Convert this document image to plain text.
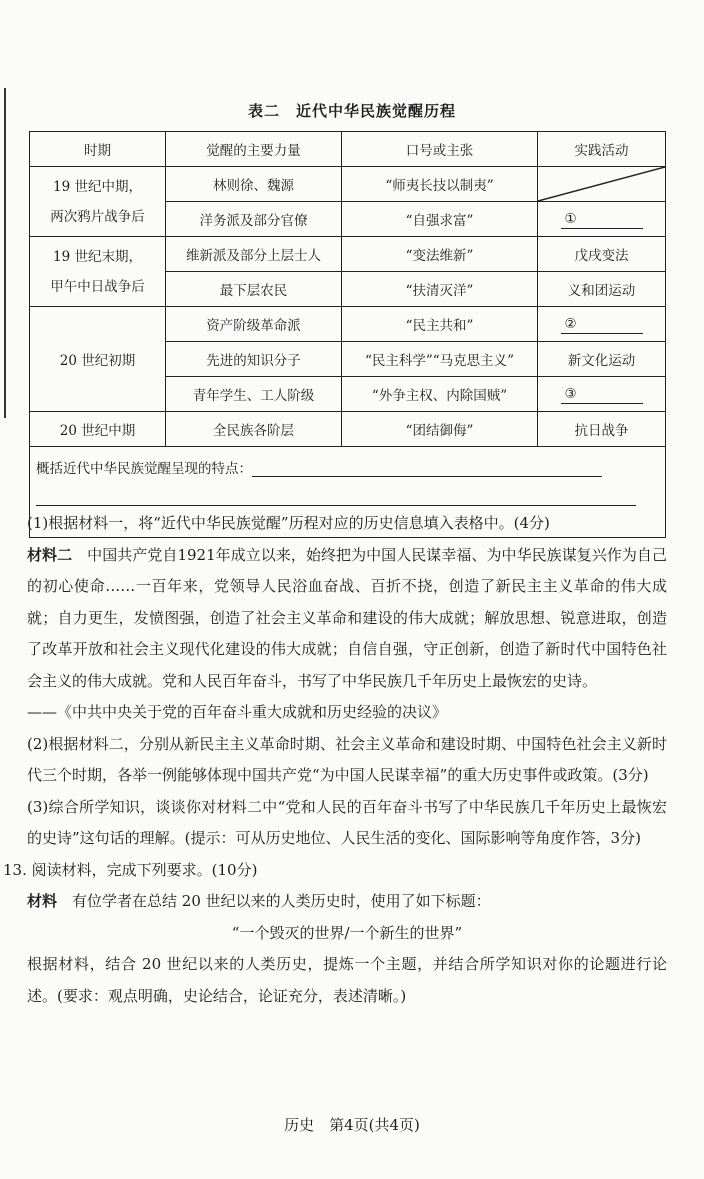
表二　近代中华民族觉醒历程
时期	觉醒的主要力量	口号或主张	实践活动
19 世纪中期，
两次鸦片战争后	林则徐、魏源	“师夷长技以制夷”	

	洋务派及部分官僚	“自强求富”	①
19 世纪末期，
甲午中日战争后	维新派及部分上层士人	“变法维新”	戊戌变法
	最下层农民	“扶清灭洋”	义和团运动
20 世纪初期	资产阶级革命派	“民主共和”	②
	先进的知识分子	“民主科学”“马克思主义”	新文化运动
	青年学生、工人阶级	“外争主权、内除国贼”	③
20 世纪中期	全民族各阶层	“团结御侮”	抗日战争
概括近代中华民族觉醒呈现的特点：			

(1)根据材料一，将“近代中华民族觉醒”历程对应的历史信息填入表格中。(4分)

材料二　中国共产党自1921年成立以来，始终把为中国人民谋幸福、为中华民族谋复兴作为自己的初心使命……一百年来，党领导人民浴血奋战、百折不挠，创造了新民主主义革命的伟大成就；自力更生，发愤图强，创造了社会主义革命和建设的伟大成就；解放思想、锐意进取，创造了改革开放和社会主义现代化建设的伟大成就；自信自强，守正创新，创造了新时代中国特色社会主义的伟大成就。党和人民百年奋斗，书写了中华民族几千年历史上最恢宏的史诗。

——《中共中央关于党的百年奋斗重大成就和历史经验的决议》

(2)根据材料二，分别从新民主主义革命时期、社会主义革命和建设时期、中国特色社会主义新时代三个时期，各举一例能够体现中国共产党“为中国人民谋幸福”的重大历史事件或政策。(3分)

(3)综合所学知识，谈谈你对材料二中“党和人民的百年奋斗书写了中华民族几千年历史上最恢宏的史诗”这句话的理解。(提示：可从历史地位、人民生活的变化、国际影响等角度作答，3分)

13. 阅读材料，完成下列要求。(10分)

材料　有位学者在总结 20 世纪以来的人类历史时，使用了如下标题：

“一个毁灭的世界/一个新生的世界”

根据材料，结合 20 世纪以来的人类历史，提炼一个主题，并结合所学知识对你的论题进行论述。(要求：观点明确，史论结合，论证充分，表述清晰。)

历史　第4页(共4页)
